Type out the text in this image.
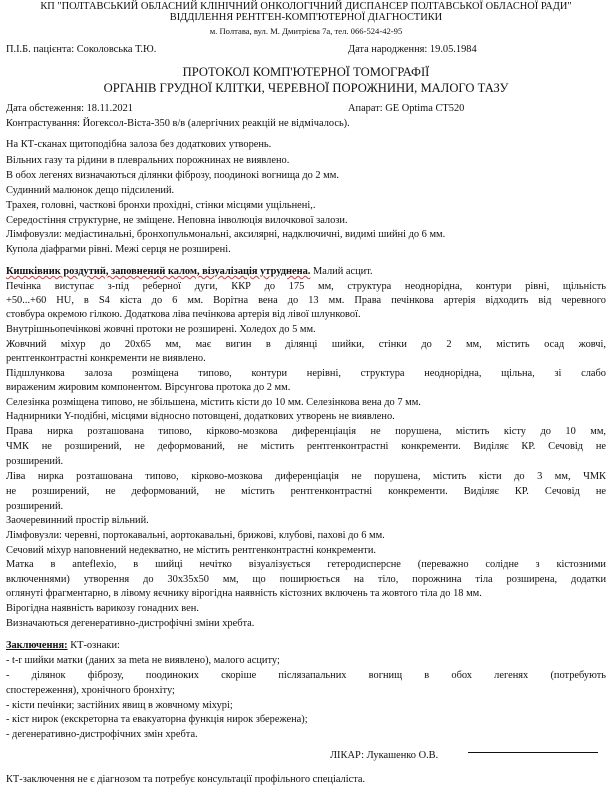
КП "ПОЛТАВСЬКИЙ ОБЛАСНИЙ КЛІНІЧНИЙ ОНКОЛОГІЧНИЙ ДИСПАНСЕР ПОЛТАВСЬКОЇ ОБЛАСНОЇ РАДИ"
ВІДДІЛЕННЯ РЕНТГЕН-КОМП'ЮТЕРНОЇ ДІАГНОСТИКИ
м. Полтава, вул. М. Дмитрієва 7а, тел. 066-524-42-95
П.І.Б. пацієнта: Соколовська Т.Ю.	Дата народження: 19.05.1984
ПРОТОКОЛ КОМП'ЮТЕРНОЇ ТОМОГРАФІЇ
ОРГАНІВ ГРУДНОЇ КЛІТКИ, ЧЕРЕВНОЇ ПОРОЖНИНИ, МАЛОГО ТАЗУ
Дата обстеження: 18.11.2021	Апарат: GE Optima CT520
Контрастування: Йогексол-Віста-350 в/в (алергічних реакцій не відмічалось).
На КТ-сканах щитоподібна залоза без додаткових утворень.
Вільних газу та рідини в плевральних порожнинах не виявлено.
В обох легенях визначаються ділянки фіброзу, поодинокі вогнища до 2 мм.
Судинний малюнок дещо підсилений.
Трахея, головні, часткові бронхи прохідні, стінки місцями ущільнені,.
Середостіння структурне, не зміщене. Неповна інволюція вилочкової залози.
Лімфовузли: медіастинальні, бронхопульмональні, аксилярні, надключичні, видимі шийні до 6 мм.
Купола діафрагми рівні. Межі серця не розширені.
Кишківник роздутий, заповнений калом, візуалізація утруднена. Малий асцит.
Печінка виступає з-під реберної дуги, ККР до 175 мм, структура неоднорідна, контури рівні, щільність
+50...+60 HU, в S4 кіста до 6 мм. Ворітна вена до 13 мм. Права печінкова артерія відходить від черевного
стовбура окремою гілкою. Додаткова ліва печінкова артерія від лівої шлункової.
Внутрішньопечінкові жовчні протоки не розширені. Холедох до 5 мм.
Жовчний міхур до 20х65 мм, має вигин в ділянці шийки, стінки до 2 мм, містить осад жовчі,
рентгенконтрастні конкременти не виявлено.
Підшлункова залоза розміщена типово, контури нерівні, структура неоднорідна, щільна, зі слабо
вираженим жировим компонентом. Вірсунгова протока до 2 мм.
Селезінка розміщена типово, не збільшена, містить кісти до 10 мм. Селезінкова вена до 7 мм.
Наднирники Y-подібні, місцями відносно потовщені, додаткових утворень не виявлено.
Права нирка розташована типово, кірково-мозкова диференціація не порушена, містить кісту до 10 мм,
ЧМК не розширений, не деформований, не містить рентгенконтрастні конкременти. Виділяє КР. Сечовід не
розширений.
Ліва нирка розташована типово, кірково-мозкова диференціація не порушена, містить кісти до 3 мм, ЧМК
не розширений, не деформований, не містить рентгенконтрастні конкременти. Виділяє КР. Сечовід не
розширений.
Заочеревинний простір вільний.
Лімфовузли: черевні, портокавальні, аортокавальні, брижові, клубові, пахові до 6 мм.
Сечовий міхур наповнений недекватно, не містить рентгенконтрастні конкременти.
Матка в anteflexio, в шийці нечітко візуалізується гетеродисперсне (переважно солідне з кістозними
включеннями) утворення до 30х35х50 мм, що поширюється на тіло, порожнина тіла розширена, додатки
оглянуті фрагментарно, в лівому яєчнику вірогідна наявність кістозних включень та жовтого тіла до 18 мм.
Вірогідна наявність варикозу гонадних вен.
Визначаються дегенеративно-дистрофічні зміни хребта.
Заключення: КТ-ознаки:
- t-r шийки матки (даних за meta не виявлено), малого асциту;
- ділянок фіброзу, поодиноких скоріше післязапальних вогнищ в обох легенях (потребують
спостереження), хронічного бронхіту;
- кісти печінки; застійних явищ в жовчному міхурі;
- кіст нирок (екскреторна та евакуаторна функція нирок збережена);
- дегенеративно-дистрофічних змін хребта.
ЛІКАР: Лукашенко О.В.
КТ-заключення не є діагнозом та потребує консультації профільного спеціаліста.
